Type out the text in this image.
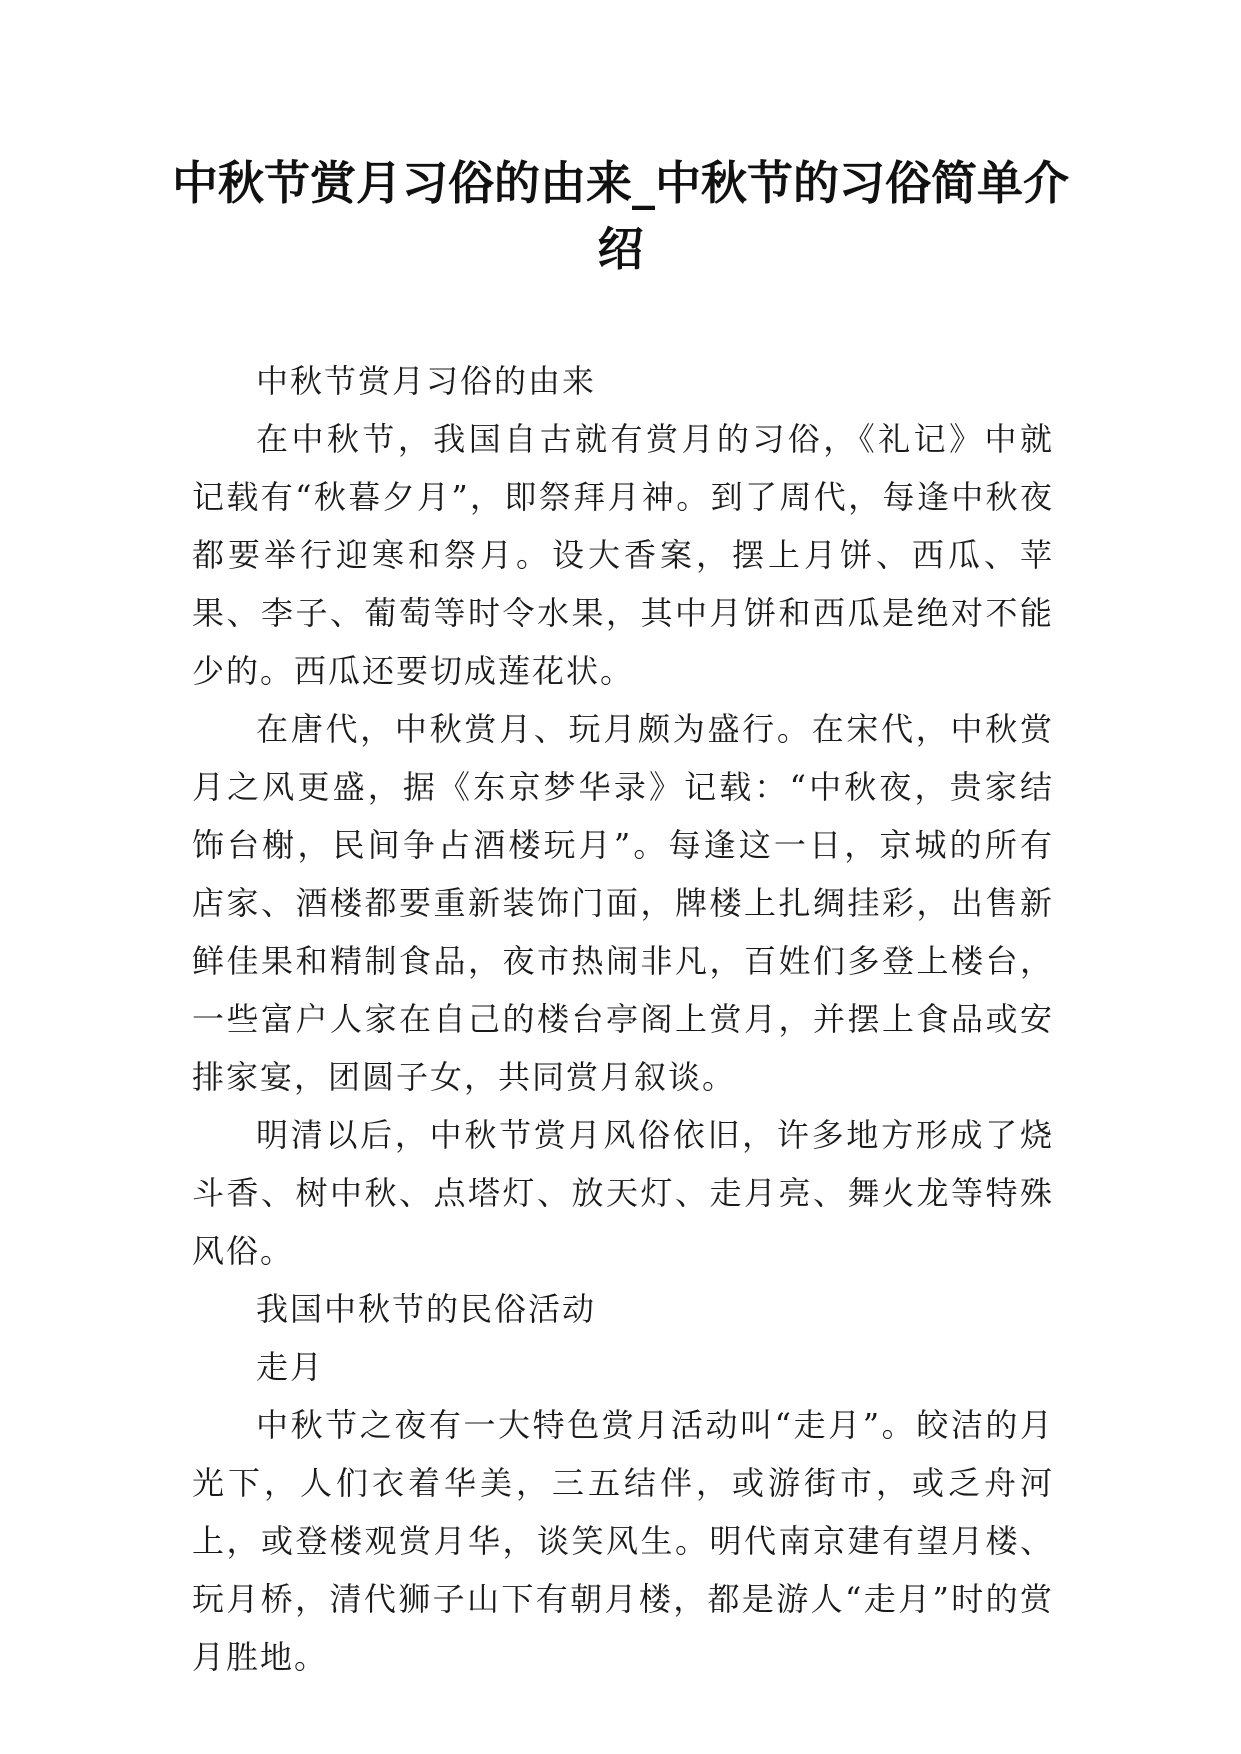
中秋节赏月习俗的由来_中秋节的习俗简单介绍

中秋节赏月习俗的由来

在中秋节，我国自古就有赏月的习俗，《礼记》中就记载有“秋暮夕月”，即祭拜月神。到了周代，每逢中秋夜都要举行迎寒和祭月。设大香案，摆上月饼、西瓜、苹果、李子、葡萄等时令水果，其中月饼和西瓜是绝对不能少的。西瓜还要切成莲花状。

在唐代，中秋赏月、玩月颇为盛行。在宋代，中秋赏月之风更盛，据《东京梦华录》记载：“中秋夜，贵家结饰台榭，民间争占酒楼玩月”。每逢这一日，京城的所有店家、酒楼都要重新装饰门面，牌楼上扎绸挂彩，出售新鲜佳果和精制食品，夜市热闹非凡，百姓们多登上楼台，一些富户人家在自己的楼台亭阁上赏月，并摆上食品或安排家宴，团圆子女，共同赏月叙谈。

明清以后，中秋节赏月风俗依旧，许多地方形成了烧斗香、树中秋、点塔灯、放天灯、走月亮、舞火龙等特殊风俗。

我国中秋节的民俗活动

走月

中秋节之夜有一大特色赏月活动叫“走月”。皎洁的月光下，人们衣着华美，三五结伴，或游街市，或乏舟河上，或登楼观赏月华，谈笑风生。明代南京建有望月楼、玩月桥，清代狮子山下有朝月楼，都是游人“走月”时的赏月胜地。
